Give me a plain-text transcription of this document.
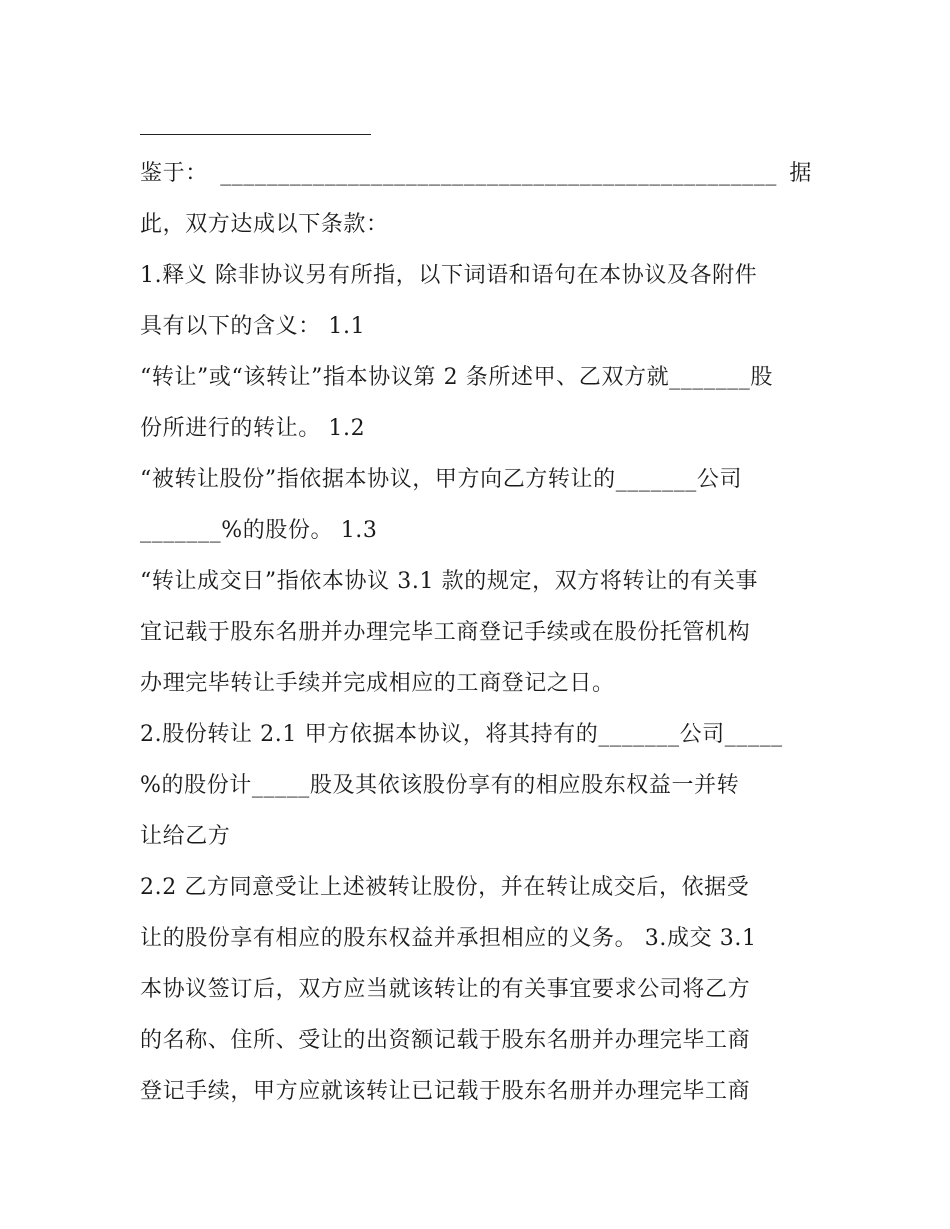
鉴于： ________________________________________________ 据
此，双方达成以下条款：
1.释义 除非协议另有所指，以下词语和语句在本协议及各附件
具有以下的含义： 1.1
“转让”或“该转让”指本协议第 2 条所述甲、乙双方就_______股
份所进行的转让。 1.2
“被转让股份”指依据本协议，甲方向乙方转让的_______公司
_______%的股份。 1.3
“转让成交日”指依本协议 3.1 款的规定，双方将转让的有关事
宜记载于股东名册并办理完毕工商登记手续或在股份托管机构
办理完毕转让手续并完成相应的工商登记之日。
2.股份转让 2.1 甲方依据本协议，将其持有的_______公司_____
%的股份计_____股及其依该股份享有的相应股东权益一并转
让给乙方
2.2 乙方同意受让上述被转让股份，并在转让成交后，依据受
让的股份享有相应的股东权益并承担相应的义务。 3.成交 3.1
本协议签订后，双方应当就该转让的有关事宜要求公司将乙方
的名称、住所、受让的出资额记载于股东名册并办理完毕工商
登记手续，甲方应就该转让已记载于股东名册并办理完毕工商
